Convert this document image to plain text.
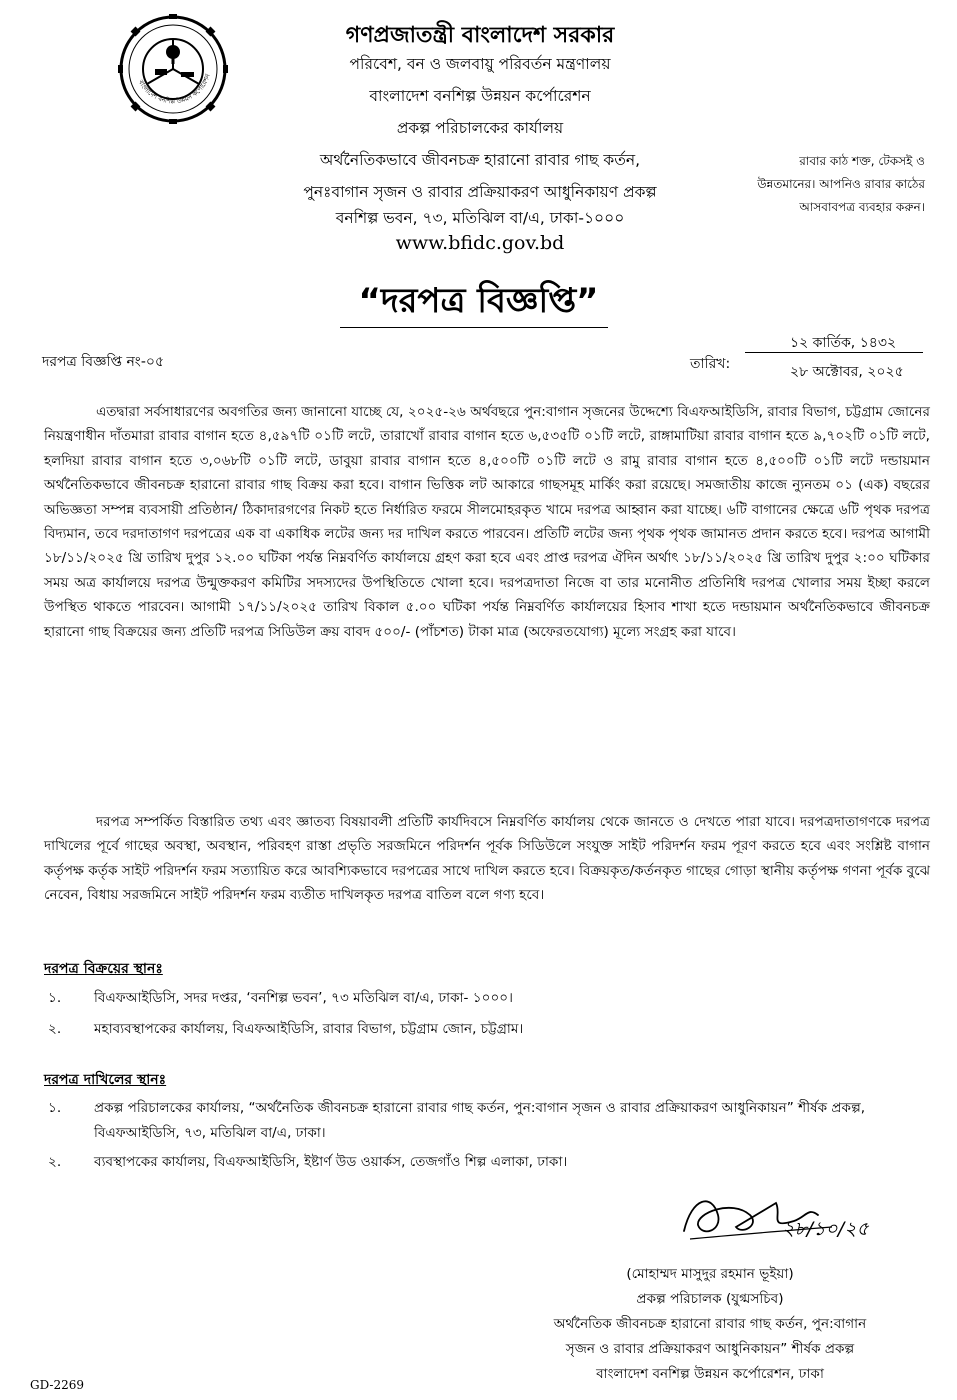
বাংলাদেশ বনশিল্প উন্নয়ন কর্পোরেশন
গণপ্রজাতন্ত্রী বাংলাদেশ সরকার
পরিবেশ, বন ও জলবায়ু পরিবর্তন মন্ত্রণালয়
বাংলাদেশ বনশিল্প উন্নয়ন কর্পোরেশন
প্রকল্প পরিচালকের কার্যালয়
অর্থনৈতিকভাবে জীবনচক্র হারানো রাবার গাছ কর্তন,
পুনঃবাগান সৃজন ও রাবার প্রক্রিয়াকরণ আধুনিকায়ণ প্রকল্প
বনশিল্প ভবন, ৭৩, মতিঝিল বা/এ, ঢাকা-১০০০
www.bfidc.gov.bd
রাবার কাঠ শক্ত, টেকসই ও
উন্নতমানের। আপনিও রাবার কাঠের
আসবাবপত্র ব্যবহার করুন।
“দরপত্র বিজ্ঞপ্তি”
দরপত্র বিজ্ঞপ্তি নং-০৫
১২ কার্তিক, ১৪৩২
তারিখ:	২৮ অক্টোবর, ২০২৫
এতদ্বারা সর্বসাধারণের অবগতির জন্য জানানো যাচ্ছে যে, ২০২৫-২৬ অর্থবছরে পুন:বাগান সৃজনের উদ্দেশ্যে বিএফআইডিসি, রাবার বিভাগ, চট্টগ্রাম জোনের নিয়ন্ত্রণাধীন দাঁতমারা রাবার বাগান হতে ৪,৫৯৭টি ০১টি লটে, তারাখোঁ রাবার বাগান হতে ৬,৫৩৫টি ০১টি লটে, রাঙ্গামাটিয়া রাবার বাগান হতে ৯,৭০২টি ০১টি লটে, হলদিয়া রাবার বাগান হতে ৩,০৬৮টি ০১টি লটে, ডাবুয়া রাবার বাগান হতে ৪,৫০০টি ০১টি লটে ও রামু রাবার বাগান হতে ৪,৫০০টি ০১টি লটে দন্ডায়মান অর্থনৈতিকভাবে জীবনচক্র হারানো রাবার গাছ বিক্রয় করা হবে। বাগান ভিত্তিক লট আকারে গাছসমূহ মার্কিং করা রয়েছে। সমজাতীয় কাজে ন্যুনতম ০১ (এক) বছরের অভিজ্ঞতা সম্পন্ন ব্যবসায়ী প্রতিষ্ঠান/ ঠিকাদারগণের নিকট হতে নির্ধারিত ফরমে সীলমোহরকৃত খামে দরপত্র আহ্বান করা যাচ্ছে। ৬টি বাগানের ক্ষেত্রে ৬টি পৃথক দরপত্র বিদ্যমান, তবে দরদাতাগণ দরপত্রের এক বা একাধিক লটের জন্য দর দাখিল করতে পারবেন। প্রতিটি লটের জন্য পৃথক পৃথক জামানত প্রদান করতে হবে। দরপত্র আগামী ১৮/১১/২০২৫ খ্রি তারিখ দুপুর ১২.০০ ঘটিকা পর্যন্ত নিম্নবর্ণিত কার্যালয়ে গ্রহণ করা হবে এবং প্রাপ্ত দরপত্র ঐদিন অর্থাৎ ১৮/১১/২০২৫ খ্রি তারিখ দুপুর ২:০০ ঘটিকার সময় অত্র কার্যালয়ে দরপত্র উন্মুক্তকরণ কমিটির সদস্যদের উপস্থিতিতে খোলা হবে। দরপত্রদাতা নিজে বা তার মনোনীত প্রতিনিধি দরপত্র খোলার সময় ইচ্ছা করলে উপস্থিত থাকতে পারবেন। আগামী ১৭/১১/২০২৫ তারিখ বিকাল ৫.০০ ঘটিকা পর্যন্ত নিম্নবর্ণিত কার্যালয়ের হিসাব শাখা হতে দন্ডায়মান অর্থনৈতিকভাবে জীবনচক্র হারানো গাছ বিক্রয়ের জন্য প্রতিটি দরপত্র সিডিউল ক্রয় বাবদ ৫০০/- (পাঁচশত) টাকা মাত্র (অফেরতযোগ্য) মূল্যে সংগ্রহ করা যাবে।
দরপত্র সম্পর্কিত বিস্তারিত তথ্য এবং জ্ঞাতব্য বিষয়াবলী প্রতিটি কার্যদিবসে নিম্নবর্ণিত কার্যালয় থেকে জানতে ও দেখতে পারা যাবে। দরপত্রদাতাগণকে দরপত্র দাখিলের পূর্বে গাছের অবস্থা, অবস্থান, পরিবহণ রাস্তা প্রভৃতি সরজমিনে পরিদর্শন পূর্বক সিডিউলে সংযুক্ত সাইট পরিদর্শন ফরম পূরণ করতে হবে এবং সংশ্লিষ্ট বাগান কর্তৃপক্ষ কর্তৃক সাইট পরিদর্শন ফরম সত্যায়িত করে আবশ্যিকভাবে দরপত্রের সাথে দাখিল করতে হবে। বিক্রয়কৃত/কর্তনকৃত গাছের গোড়া স্থানীয় কর্তৃপক্ষ গণনা পূর্বক বুঝে নেবেন, বিধায় সরজমিনে সাইট পরিদর্শন ফরম ব্যতীত দাখিলকৃত দরপত্র বাতিল বলে গণ্য হবে।
দরপত্র বিক্রয়ের স্থানঃ
১. বিএফআইডিসি, সদর দপ্তর, ‘বনশিল্প ভবন’, ৭৩ মতিঝিল বা/এ, ঢাকা- ১০০০।
২. মহাব্যবস্থাপকের কার্যালয়, বিএফআইডিসি, রাবার বিভাগ, চট্টগ্রাম জোন, চট্টগ্রাম।
দরপত্র দাখিলের স্থানঃ
১. প্রকল্প পরিচালকের কার্যালয়, “অর্থনৈতিক জীবনচক্র হারানো রাবার গাছ কর্তন, পুন:বাগান সৃজন ও রাবার প্রক্রিয়াকরণ আধুনিকায়ন” শীর্ষক প্রকল্প, বিএফআইডিসি, ৭৩, মতিঝিল বা/এ, ঢাকা।
২. ব্যবস্থাপকের কার্যালয়, বিএফআইডিসি, ইষ্টার্ণ উড ওয়ার্কস, তেজগাঁও শিল্প এলাকা, ঢাকা।
২৮/১০/২৫
(মোহাম্মদ মাসুদুর রহমান ভূইয়া)
প্রকল্প পরিচালক (যুগ্মসচিব)
অর্থনৈতিক জীবনচক্র হারানো রাবার গাছ কর্তন, পুন:বাগান
সৃজন ও রাবার প্রক্রিয়াকরণ আধুনিকায়ন” শীর্ষক প্রকল্প
বাংলাদেশ বনশিল্প উন্নয়ন কর্পোরেশন, ঢাকা
GD-2269
